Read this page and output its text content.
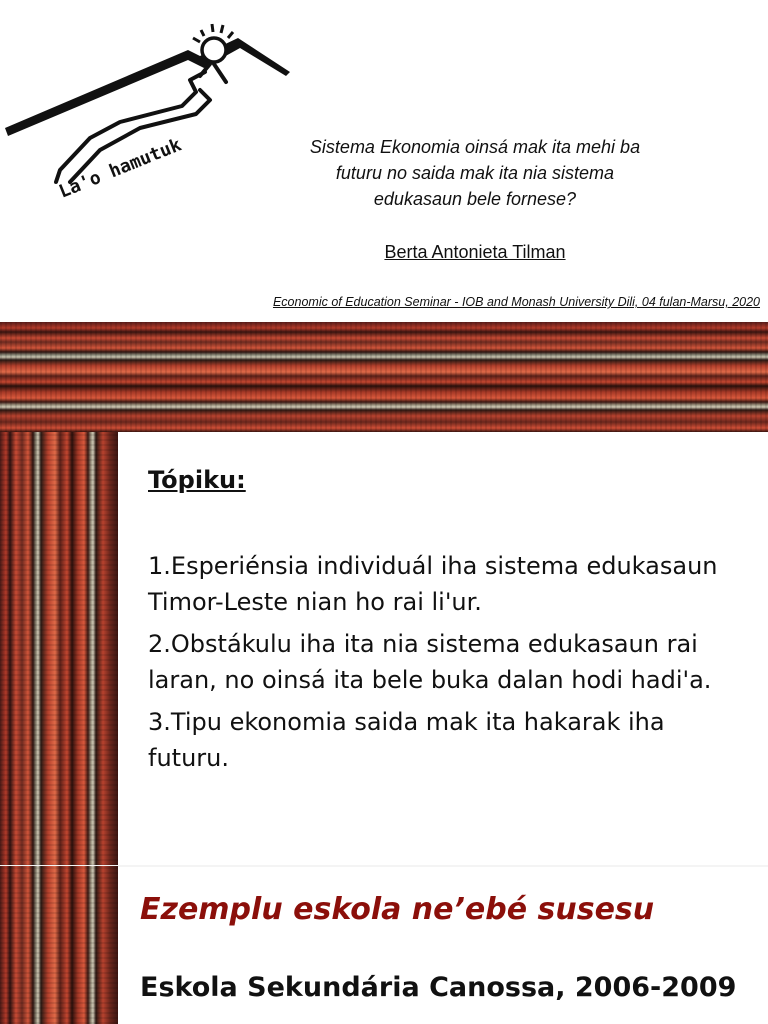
La'o hamutuk	Sistema Ekonomia oinsá mak ita mehi ba
futuru no saida mak ita nia sistema
edukasaun bele fornese?
Berta Antonieta Tilman
Economic of Education Seminar - IOB and Monash University Dili, 04 fulan-Marsu, 2020
Tópiku:
1.Esperiénsia individuál iha sistema edukasaun Timor-Leste nian ho rai li'ur.
2.Obstákulu iha ita nia sistema edukasaun rai laran, no oinsá ita bele buka dalan hodi hadi'a.
3.Tipu ekonomia saida mak ita hakarak iha futuru.
Ezemplu eskola ne’ebé susesu
Eskola Sekundária Canossa, 2006-2009
